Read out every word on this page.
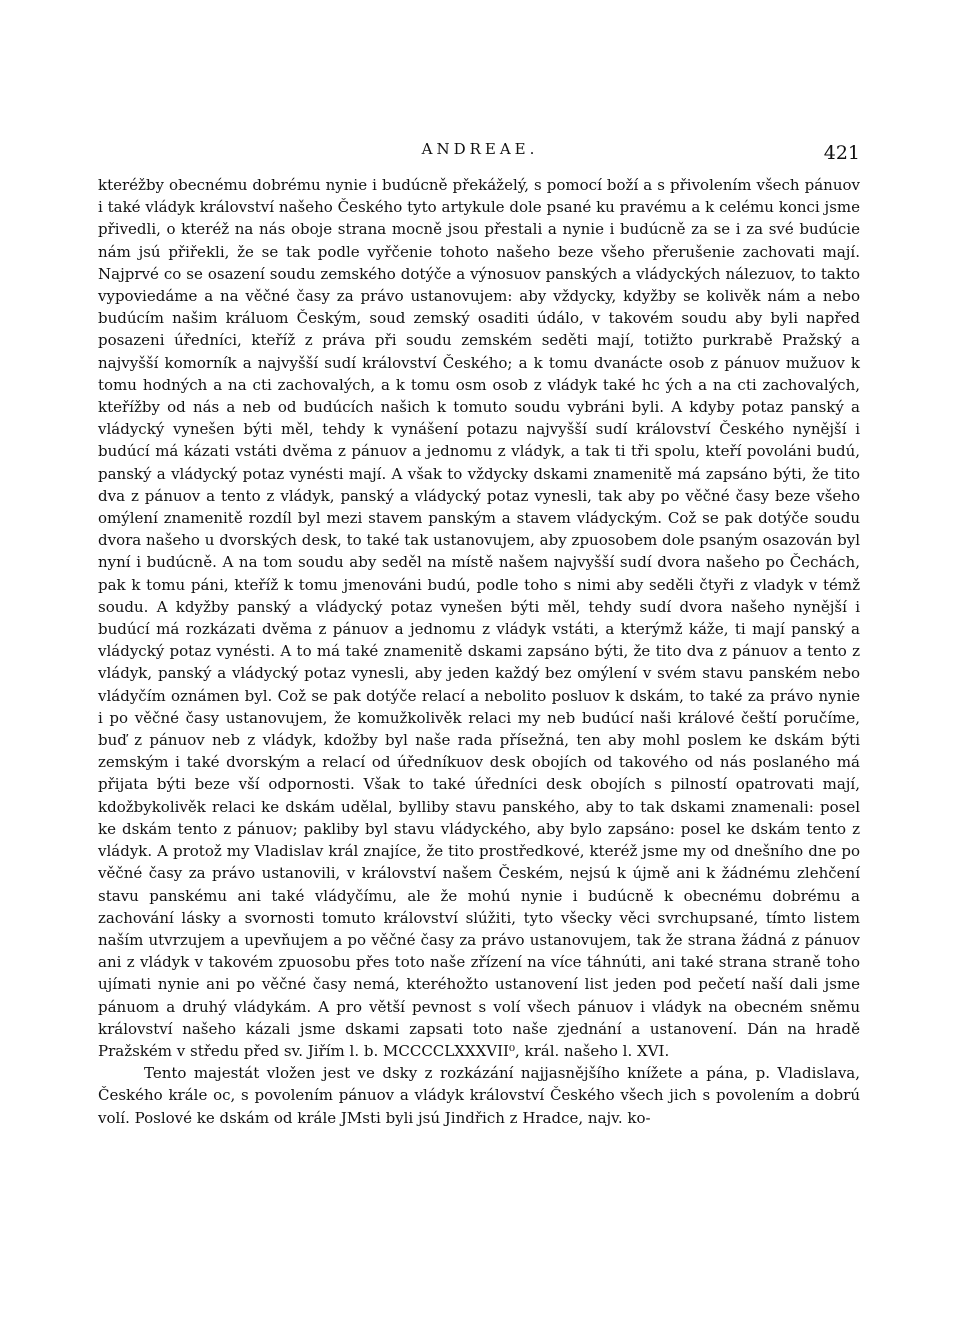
ANDREAE.	421

kteréžby obecnému dobrému nynie i budúcně překáželý, s pomocí boží a s přivolením všech pánuov i také vládyk království našeho Českého tyto artykule dole psané ku pravému a k celému konci jsme přivedli, o kteréž na nás oboje strana mocně jsou přestali a nynie i budúcně za se i za své budúcie nám jsú přiřekli, že se tak podle vyřčenie tohoto našeho beze všeho přerušenie zachovati mají. Najprvé co se osazení soudu zemského dotýče a výnosuov panských a vládyckých nálezuov, to takto vypoviedáme a na věčné časy za právo ustanovujem: aby vždycky, kdyžby se kolivěk nám a nebo budúcím našim králuom Českým, soud zemský osaditi údálo, v takovém soudu aby byli napřed posazeni úředníci, kteříž z práva při soudu zemském seděti mají, totižto purkrabě Pražský a najvyšší komorník a najvyšší sudí království Českého; a k tomu dvanácte osob z pánuov mužuov k tomu hodných a na cti zachovalých, a k tomu osm osob z vládyk také hc ých a na cti zachovalých, kteřížby od nás a neb od budúcích našich k tomuto soudu vybráni byli. A kdyby potaz panský a vládycký vynešen býti měl, tehdy k vynášení potazu najvyšší sudí království Českého nynější i budúcí má kázati vstáti dvěma z pánuov a jednomu z vládyk, a tak ti tři spolu, kteří povoláni budú, panský a vládycký potaz vynésti mají. A však to vždycky dskami znamenitě má zapsáno býti, že tito dva z pánuov a tento z vládyk, panský a vládycký potaz vynesli, tak aby po věčné časy beze všeho omýlení znamenitě rozdíl byl mezi stavem panským a stavem vládyckým. Což se pak dotýče soudu dvora našeho u dvorských desk, to také tak ustanovujem, aby zpuosobem dole psaným osazován byl nyní i budúcně. A na tom soudu aby seděl na místě našem najvyšší sudí dvora našeho po Čechách, pak k tomu páni, kteříž k tomu jmenováni budú, podle toho s nimi aby seděli čtyři z vladyk v témž soudu. A kdyžby panský a vládycký potaz vynešen býti měl, tehdy sudí dvora našeho nynější i budúcí má rozkázati dvěma z pánuov a jednomu z vládyk vstáti, a kterýmž káže, ti mají panský a vládycký potaz vynésti. A to má také znamenitě dskami zapsáno býti, že tito dva z pánuov a tento z vládyk, panský a vládycký potaz vynesli, aby jeden každý bez omýlení v svém stavu panském nebo vládyčím oznámen byl. Což se pak dotýče relací a nebolito posluov k dskám, to také za právo nynie i po věčné časy ustanovujem, že komužkolivěk relaci my neb budúcí naši králové čeští poručíme, buď z pánuov neb z vládyk, kdožby byl naše rada přísežná, ten aby mohl poslem ke dskám býti zemským i také dvorským a relací od úředníkuov desk obojích od takového od nás poslaného má přijata býti beze vší odpornosti. Však to také úředníci desk obojích s pilností opatrovati mají, kdožbykolivěk relaci ke dskám udělal, bylliby stavu panského, aby to tak dskami znamenali: posel ke dskám tento z pánuov; pakliby byl stavu vládyckého, aby bylo zapsáno: posel ke dskám tento z vládyk. A protož my Vladislav král znajíce, že tito prostředkové, kteréž jsme my od dnešního dne po věčné časy za právo ustanovili, v království našem Českém, nejsú k újmě ani k žádnému zlehčení stavu panskému ani také vládyčímu, ale že mohú nynie i budúcně k obecnému dobrému a zachování lásky a svornosti tomuto království slúžiti, tyto všecky věci svrchupsané, tímto listem naším utvrzujem a upevňujem a po věčné časy za právo ustanovujem, tak že strana žádná z pánuov ani z vládyk v takovém zpuosobu přes toto naše zřízení na více táhnúti, ani také strana straně toho ujímati nynie ani po věčné časy nemá, kteréhožto ustanovení list jeden pod pečetí naší dali jsme pánuom a druhý vládykám. A pro větší pevnost s volí všech pánuov i vládyk na obecném sněmu království našeho kázali jsme dskami zapsati toto naše zjednání a ustanovení. Dán na hradě Pražském v středu před sv. Jiřím l. b. MCCCCLXXXVII⁰, král. našeho l. XVI.

Tento majestát vložen jest ve dsky z rozkázání najjasnějšího knížete a pána, p. Vladislava, Českého krále oc, s povolením pánuov a vládyk království Českého všech jich s povolením a dobrú volí. Poslové ke dskám od krále JMsti byli jsú Jindřich z Hradce, najv. ko-
